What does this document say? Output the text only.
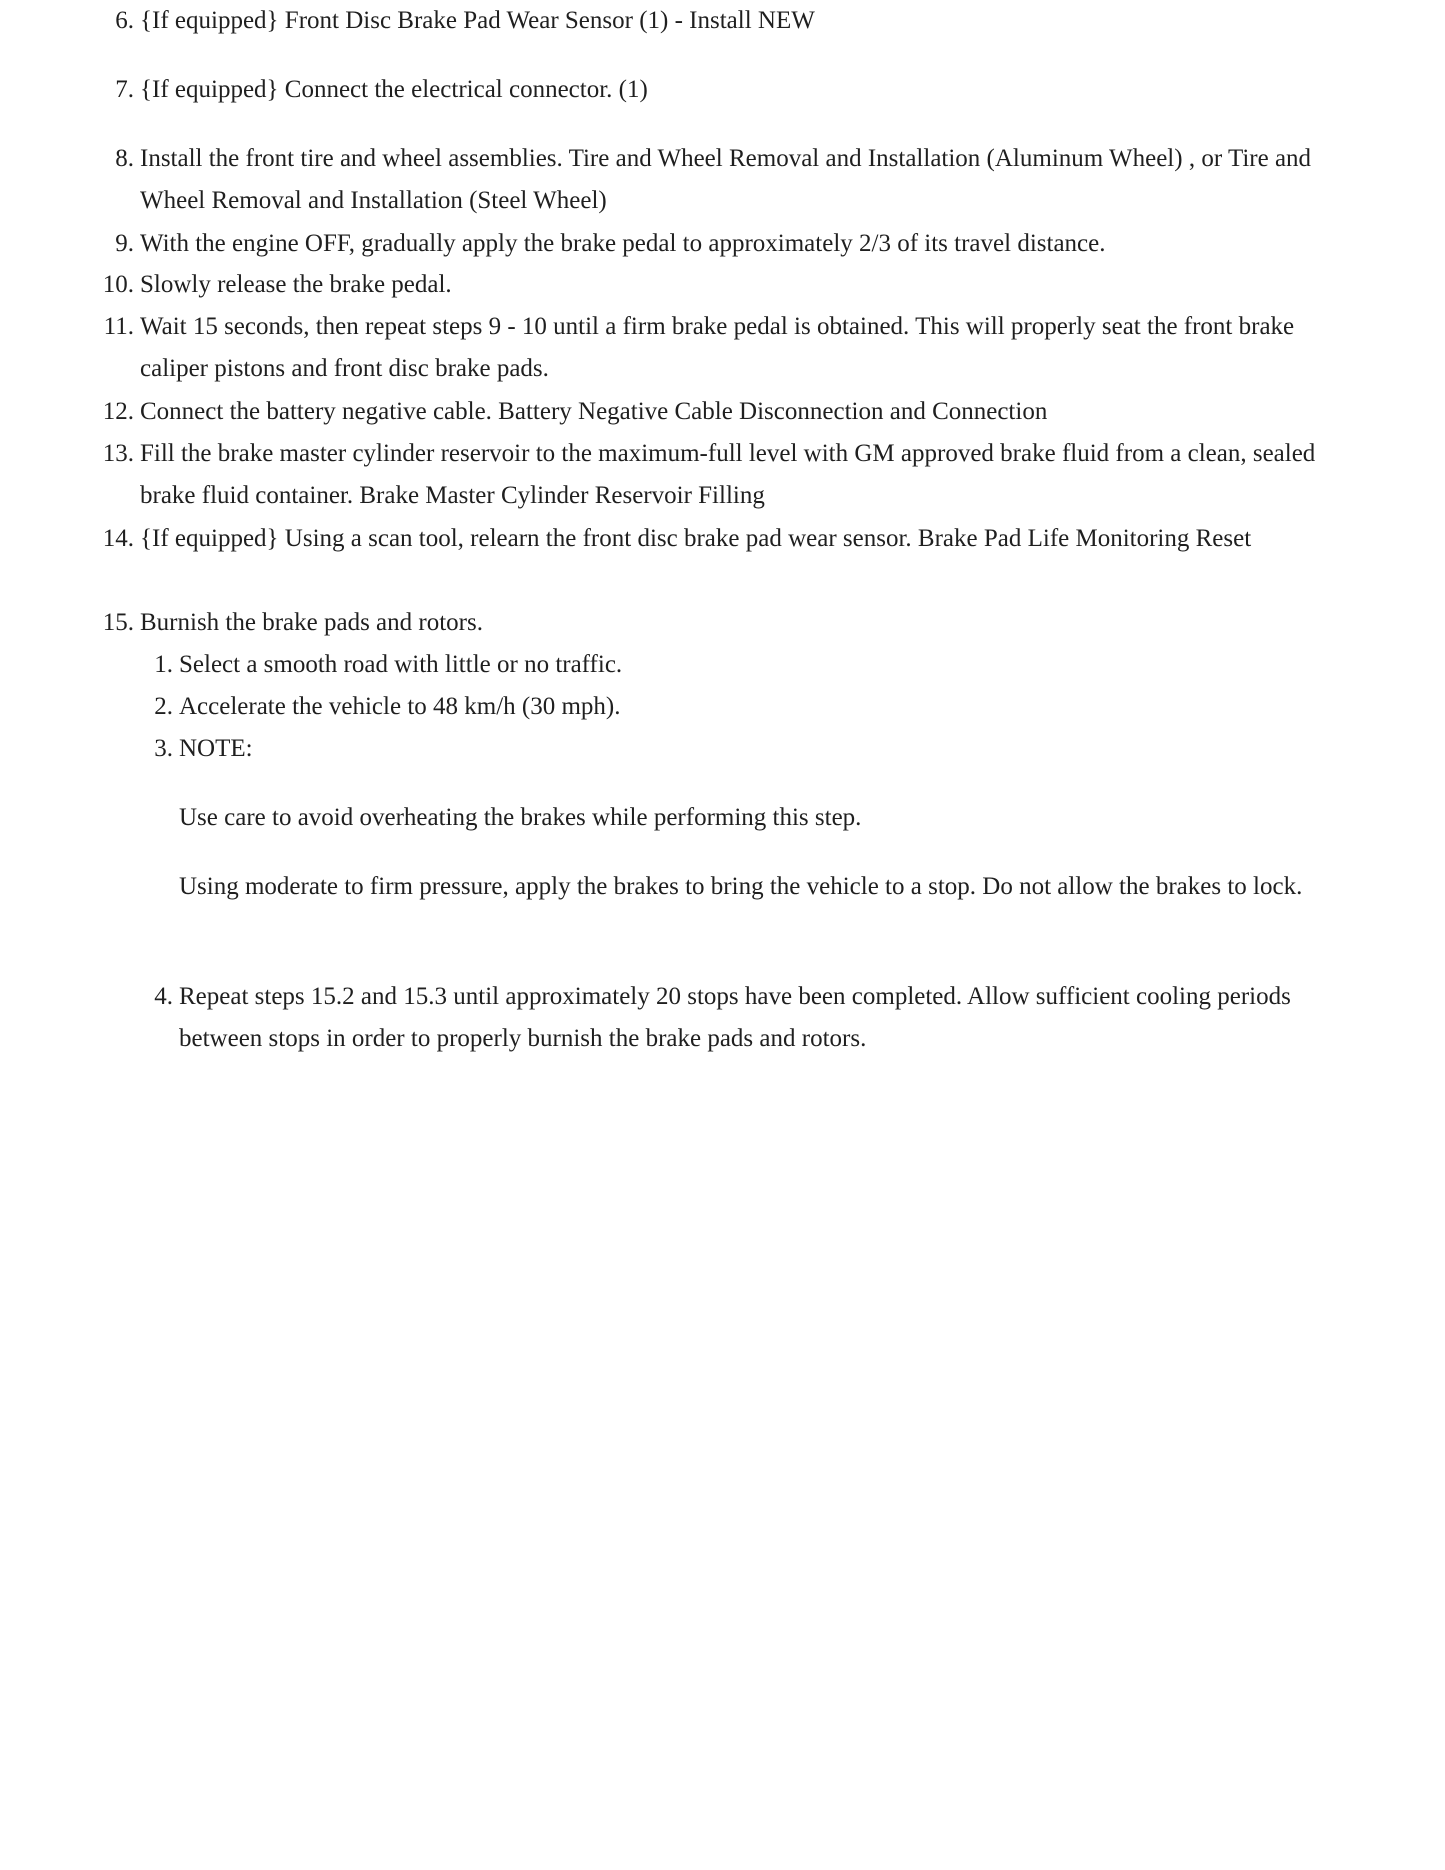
6. {If equipped} Front Disc Brake Pad Wear Sensor (1) - Install NEW
7. {If equipped} Connect the electrical connector. (1)
8. Install the front tire and wheel assemblies. Tire and Wheel Removal and Installation (Aluminum Wheel) , or Tire and Wheel Removal and Installation (Steel Wheel)
9. With the engine OFF, gradually apply the brake pedal to approximately 2/3 of its travel distance.
10. Slowly release the brake pedal.
11. Wait 15 seconds, then repeat steps 9 - 10 until a firm brake pedal is obtained. This will properly seat the front brake caliper pistons and front disc brake pads.
12. Connect the battery negative cable. Battery Negative Cable Disconnection and Connection
13. Fill the brake master cylinder reservoir to the maximum-full level with GM approved brake fluid from a clean, sealed brake fluid container. Brake Master Cylinder Reservoir Filling
14. {If equipped} Using a scan tool, relearn the front disc brake pad wear sensor. Brake Pad Life Monitoring Reset
15. Burnish the brake pads and rotors.
1. Select a smooth road with little or no traffic.
2. Accelerate the vehicle to 48 km/h (30 mph).
3. NOTE:
Use care to avoid overheating the brakes while performing this step.
Using moderate to firm pressure, apply the brakes to bring the vehicle to a stop. Do not allow the brakes to lock.
4. Repeat steps 15.2 and 15.3 until approximately 20 stops have been completed. Allow sufficient cooling periods between stops in order to properly burnish the brake pads and rotors.
